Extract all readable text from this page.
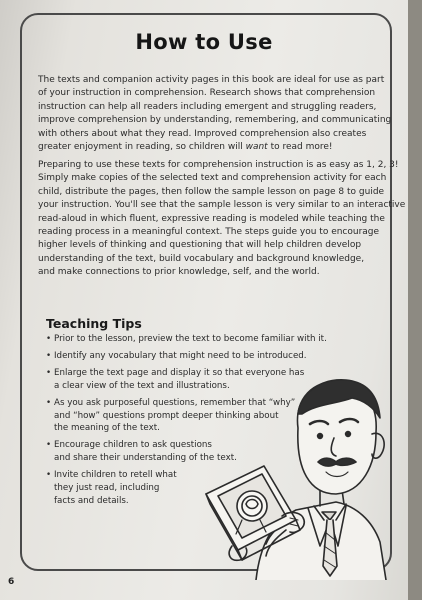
How to Use

The texts and companion activity pages in this book are ideal for use as part
of your instruction in comprehension. Research shows that comprehension
instruction can help all readers including emergent and struggling readers,
improve comprehension by understanding, remembering, and communicating
with others about what they read. Improved comprehension also creates
greater enjoyment in reading, so children will want to read more!

Preparing to use these texts for comprehension instruction is as easy as 1, 2, 3!
Simply make copies of the selected text and comprehension activity for each
child, distribute the pages, then follow the sample lesson on page 8 to guide
your instruction. You'll see that the sample lesson is very similar to an interactive
read-aloud in which fluent, expressive reading is modeled while teaching the
reading process in a meaningful context. The steps guide you to encourage
higher levels of thinking and questioning that will help children develop
understanding of the text, build vocabulary and background knowledge,
and make connections to prior knowledge, self, and the world.

Teaching Tips
• Prior to the lesson, preview the text to become familiar with it.
• Identify any vocabulary that might need to be introduced.
• Enlarge the text page and display it so that everyone has
a clear view of the text and illustrations.
• As you ask purposeful questions, remember that “why”
and “how” questions prompt deeper thinking about
the meaning of the text.
• Encourage children to ask questions
and share their understanding of the text.
• Invite children to retell what
they just read, including
facts and details.
6
